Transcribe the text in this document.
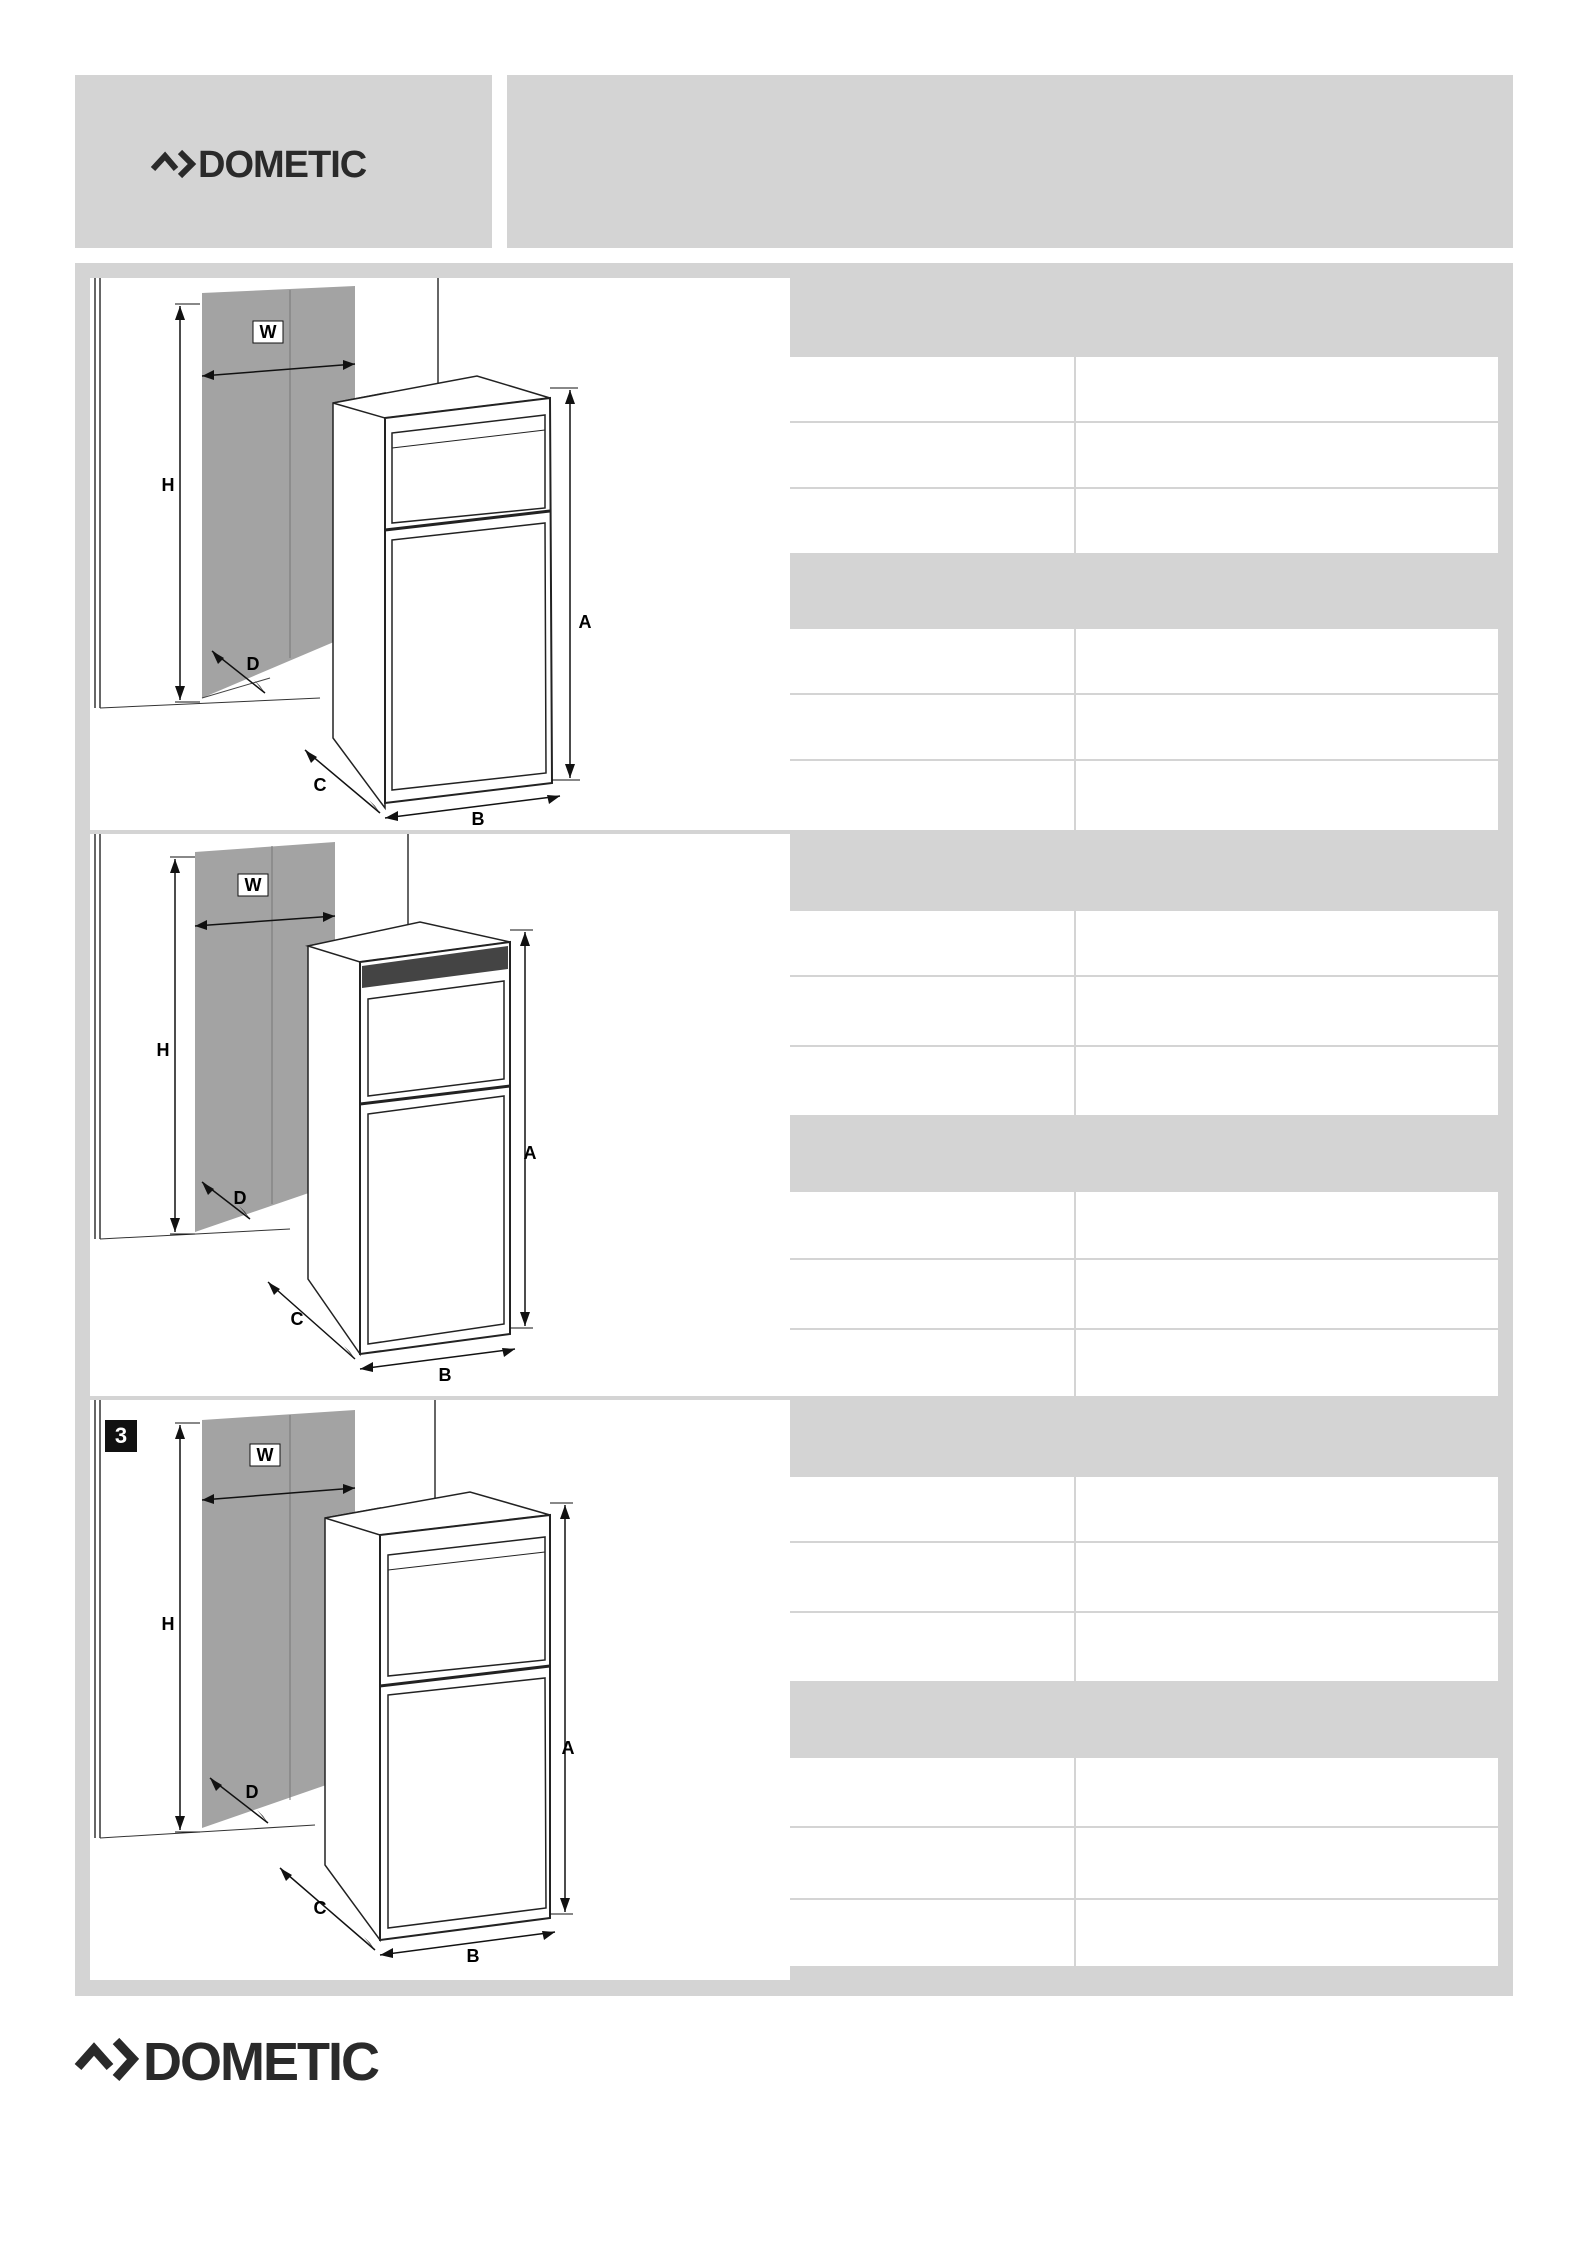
DOMETIC
W
H
D
A
B
C
W
H
D
A
B
C
3
W
H
D
A
B
C
DOMETIC
